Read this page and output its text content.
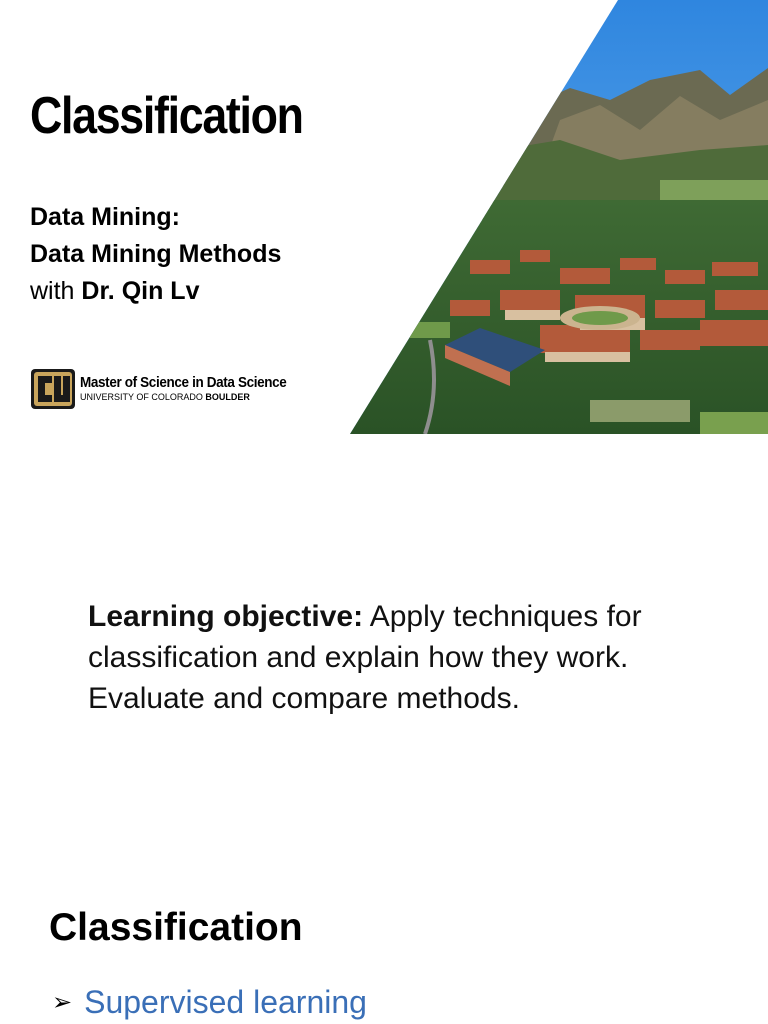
Classification
Data Mining:
Data Mining Methods
with Dr. Qin Lv
Master of Science in Data Science
UNIVERSITY OF COLORADO BOULDER
Learning objective: Apply techniques for classification and explain how they work. Evaluate and compare methods.
Classification
➢ Supervised learning
